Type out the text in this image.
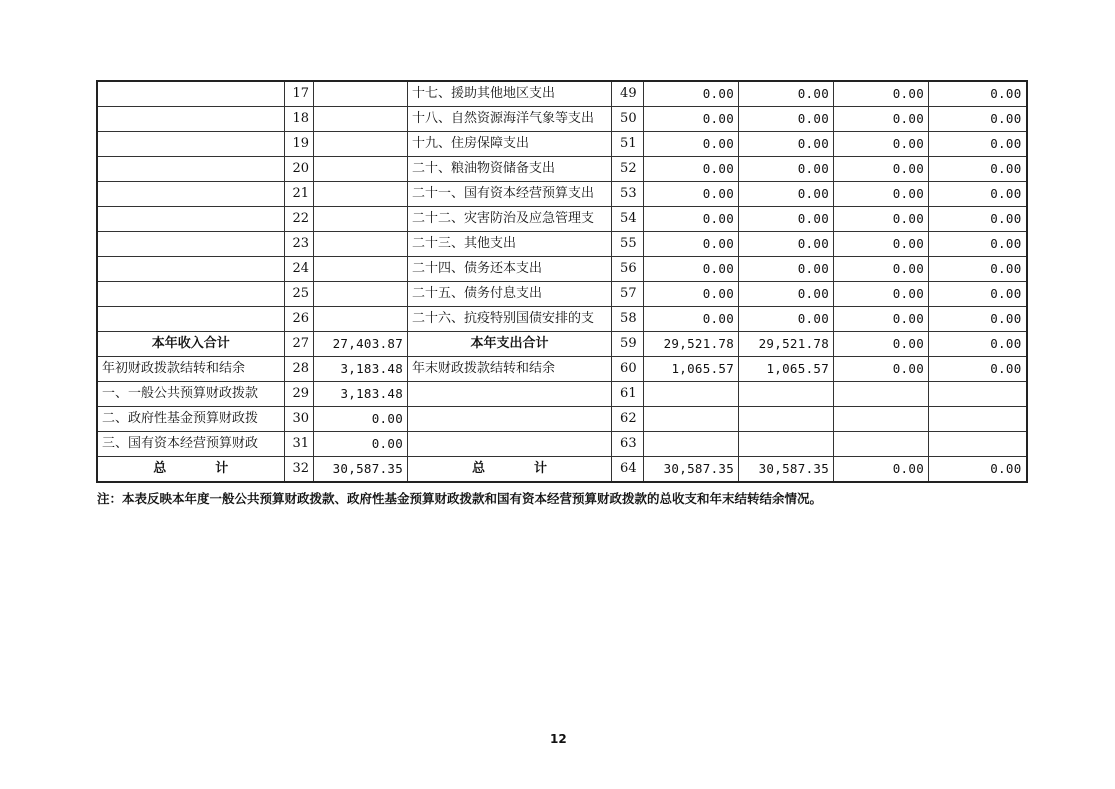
	17		十七、援助其他地区支出	49	0.00	0.00	0.00	0.00
	18		十八、自然资源海洋气象等支出	50	0.00	0.00	0.00	0.00
	19		十九、住房保障支出	51	0.00	0.00	0.00	0.00
	20		二十、粮油物资储备支出	52	0.00	0.00	0.00	0.00
	21		二十一、国有资本经营预算支出	53	0.00	0.00	0.00	0.00
	22		二十二、灾害防治及应急管理支	54	0.00	0.00	0.00	0.00
	23		二十三、其他支出	55	0.00	0.00	0.00	0.00
	24		二十四、债务还本支出	56	0.00	0.00	0.00	0.00
	25		二十五、债务付息支出	57	0.00	0.00	0.00	0.00
	26		二十六、抗疫特别国债安排的支	58	0.00	0.00	0.00	0.00
本年收入合计	27	27,403.87	本年支出合计	59	29,521.78	29,521.78	0.00	0.00
年初财政拨款结转和结余	28	3,183.48	年末财政拨款结转和结余	60	1,065.57	1,065.57	0.00	0.00
一、一般公共预算财政拨款	29	3,183.48		61				
二、政府性基金预算财政拨	30	0.00		62				
三、国有资本经营预算财政	31	0.00		63				
总　计	32	30,587.35	总　计	64	30,587.35	30,587.35	0.00	0.00
注：本表反映本年度一般公共预算财政拨款、政府性基金预算财政拨款和国有资本经营预算财政拨款的总收支和年末结转结余情况。
12
